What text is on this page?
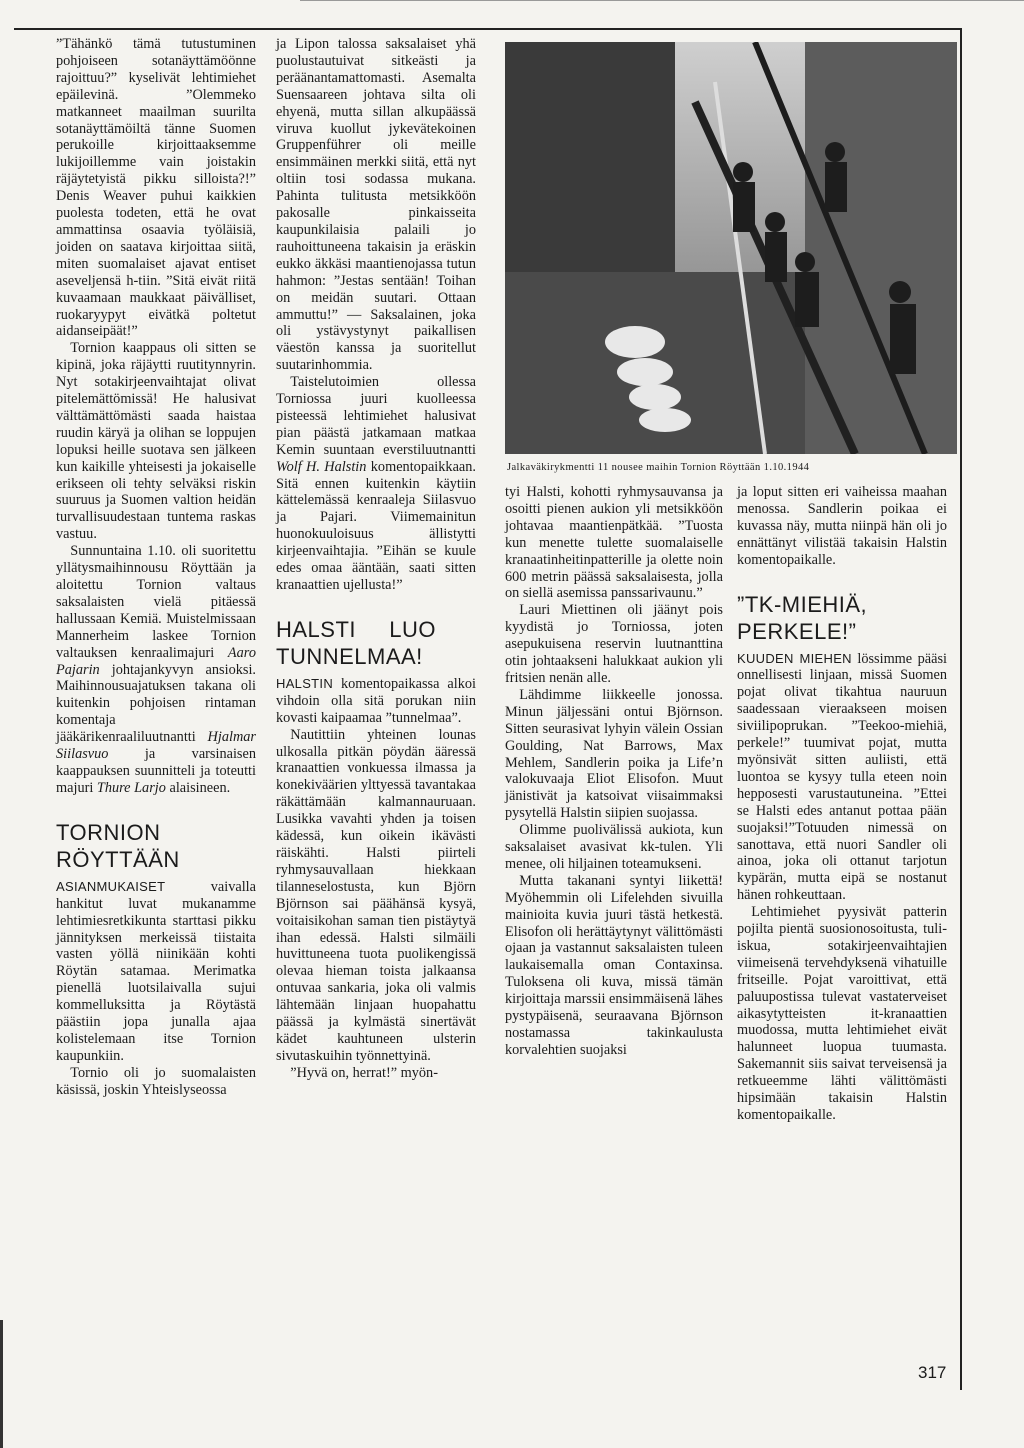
”Tähänkö tämä tutustuminen pohjoiseen sotanäyttämöönne rajoittuu?” kyselivät lehtimiehet epäilevinä. ”Olemmeko matkanneet maailman suurilta sotanäyttämöiltä tänne Suomen perukoille kirjoittaaksemme lukijoillemme vain joistakin räjäytetyistä pikku silloista?!” Denis Weaver puhui kaikkien puolesta todeten, että he ovat ammattinsa osaavia työläisiä, joiden on saatava kirjoittaa siitä, miten suomalaiset ajavat entiset aseveljensä h-tiin. ”Sitä eivät riitä kuvaamaan maukkaat päivälliset, ruokaryypyt eivätkä poltetut aidanseipäät!”

 Tornion kaappaus oli sitten se kipinä, joka räjäytti ruutitynnyrin. Nyt sotakirjeenvaihtajat olivat pitelemättömissä! He halusivat välttämättömästi saada haistaa ruudin käryä ja olihan se loppujen lopuksi heille suotava sen jälkeen kun kaikille yhteisesti ja jokaiselle erikseen oli tehty selväksi riskin suuruus ja Suomen valtion heidän turvallisuudestaan tuntema raskas vastuu.

 Sunnuntaina 1.10. oli suoritettu yllätysmaihinnousu Röyttään ja aloitettu Tornion valtaus saksalaisten vielä pitäessä hallussaan Kemiä. Muistelmissaan Mannerheim laskee Tornion valtauksen kenraalimajuri Aaro Pajarin johtajankyvyn ansioksi. Maihinnousuajatuksen takana oli kuitenkin pohjoisen rintaman komentaja jääkärikenraaliluutnantti Hjalmar Siilasvuo ja varsinaisen kaappauksen suunnitteli ja toteutti majuri Thure Larjo alaisineen.

TORNION RÖYTTÄÄN

ASIANMUKAISET vaivalla hankitut luvat mukanamme lehtimiesretkikunta starttasi pikku jännityksen merkeissä tiistaita vasten yöllä niinikään kohti Röytän satamaa. Merimatka pienellä luotsilaivalla sujui kommelluksitta ja Röytästä päästiin jopa junalla ajaa kolistelemaan itse Tornion kaupunkiin.

 Tornio oli jo suomalaisten käsissä, joskin Yhteislyseossa

ja Lipon talossa saksalaiset yhä puolustautuivat sitkeästi ja peräänantamattomasti. Asemalta Suensaareen johtava silta oli ehyenä, mutta sillan alkupäässä viruva kuollut jykevätekoinen Gruppenführer oli meille ensimmäinen merkki siitä, että nyt oltiin tosi sodassa mukana. Pahinta tulitusta metsikköön pakosalle pinkaisseita kaupunkilaisia palaili jo rauhoittuneena takaisin ja eräskin eukko äkkäsi maantienojassa tutun hahmon: ”Jestas sentään! Toihan on meidän suutari. Ottaan ammuttu!” — Saksalainen, joka oli ystävystynyt paikallisen väestön kanssa ja suoritellut suutarinhommia.

 Taistelutoimien ollessa Torniossa juuri kuolleessa pisteessä lehtimiehet halusivat pian päästä jatkamaan matkaa Kemin suuntaan everstiluutnantti Wolf H. Halstin komentopaikkaan. Sitä ennen kuitenkin käytiin kättelemässä kenraaleja Siilasvuo ja Pajari. Viimemainitun huonokuuloisuus ällistytti kirjeenvaihtajia. ”Eihän se kuule edes omaa ääntään, saati sitten kranaattien ujellusta!”

HALSTI LUO TUNNELMAA!

HALSTIN komentopaikassa alkoi vihdoin olla sitä porukan niin kovasti kaipaamaa ”tunnelmaa”.

 Nautittiin yhteinen lounas ulkosalla pitkän pöydän ääressä kranaattien vonkuessa ilmassa ja konekiväärien ylttyessä tavantakaa räkättämään kalmannauruaan. Lusikka vavahti yhden ja toisen kädessä, kun oikein ikävästi räiskähti. Halsti piirteli ryhmysauvallaan hiekkaan tilanneselostusta, kun Björn Björnson sai päähänsä kysyä, voitaisikohan saman tien pistäytyä ihan edessä. Halsti silmäili huvittuneena tuota puolikengissä olevaa hieman toista jalkaansa ontuvaa sankaria, joka oli valmis lähtemään linjaan huopahattu päässä ja kylmästä sinertävät kädet kauhtuneen ulsterin sivutaskuihin työnnettyinä.

 ”Hyvä on, herrat!” myön-

Jalkaväkirykmentti 11 nousee maihin Tornion Röyttään 1.10.1944

tyi Halsti, kohotti ryhmysauvansa ja osoitti pienen aukion yli metsikköön johtavaa maantienpätkää. ”Tuosta kun menette tulette suomalaiselle kranaatinheitinpatterille ja olette noin 600 metrin päässä saksalaisesta, jolla on siellä asemissa panssarivaunu.”

 Lauri Miettinen oli jäänyt pois kyydistä jo Torniossa, joten asepukuisena reservin luutnanttina otin johtaakseni halukkaat aukion yli fritsien nenän alle.

 Lähdimme liikkeelle jonossa. Minun jäljessäni ontui Björnson. Sitten seurasivat lyhyin välein Ossian Goulding, Nat Barrows, Max Mehlem, Sandlerin poika ja Life’n valokuvaaja Eliot Elisofon. Muut jänistivät ja katsoivat viisaimmaksi pysytellä Halstin siipien suojassa.

 Olimme puolivälissä aukiota, kun saksalaiset avasivat kk-tulen. Yli menee, oli hiljainen toteamukseni.

 Mutta takanani syntyi liikettä! Myöhemmin oli Lifelehden sivuilla mainioita kuvia juuri tästä hetkestä. Elisofon oli herättäytynyt välittömästi ojaan ja vastannut saksalaisten tuleen laukaisemalla oman Contaxinsa. Tuloksena oli kuva, missä tämän kirjoittaja marssii ensimmäisenä lähes pystypäisenä, seuraavana Björnson nostamassa takinkaulusta korvalehtien suojaksi

ja loput sitten eri vaiheissa maahan menossa. Sandlerin poikaa ei kuvassa näy, mutta niinpä hän oli jo ennättänyt vilistää takaisin Halstin komentopaikalle.

”TK-MIEHIÄ, PERKELE!”

KUUDEN MIEHEN lössimme pääsi onnellisesti linjaan, missä Suomen pojat olivat tikahtua nauruun saadessaan vieraakseen moisen siviilipoprukan. ”Teekoo-miehiä, perkele!” tuumivat pojat, mutta myönsivät sitten auliisti, että luontoa se kysyy tulla eteen noin hepposesti varustautuneina. ”Ettei se Halsti edes antanut pottaa pään suojaksi!”Totuuden nimessä on sanottava, että nuori Sandler oli ainoa, joka oli ottanut tarjotun kypärän, mutta eipä se nostanut hänen rohkeuttaan.

 Lehtimiehet pyysivät patterin pojilta pientä suosionosoitusta, tuli-iskua, sotakirjeenvaihtajien viimeisenä tervehdyksenä vihatuille fritseille. Pojat varoittivat, että paluupostissa tulevat vastaterveiset aikasytytteisten it-kranaattien muodossa, mutta lehtimiehet eivät halunneet luopua tuumasta. Sakemannit siis saivat terveisensä ja retkueemme lähti välittömästi hipsimään takaisin Halstin komentopaikalle.

317
